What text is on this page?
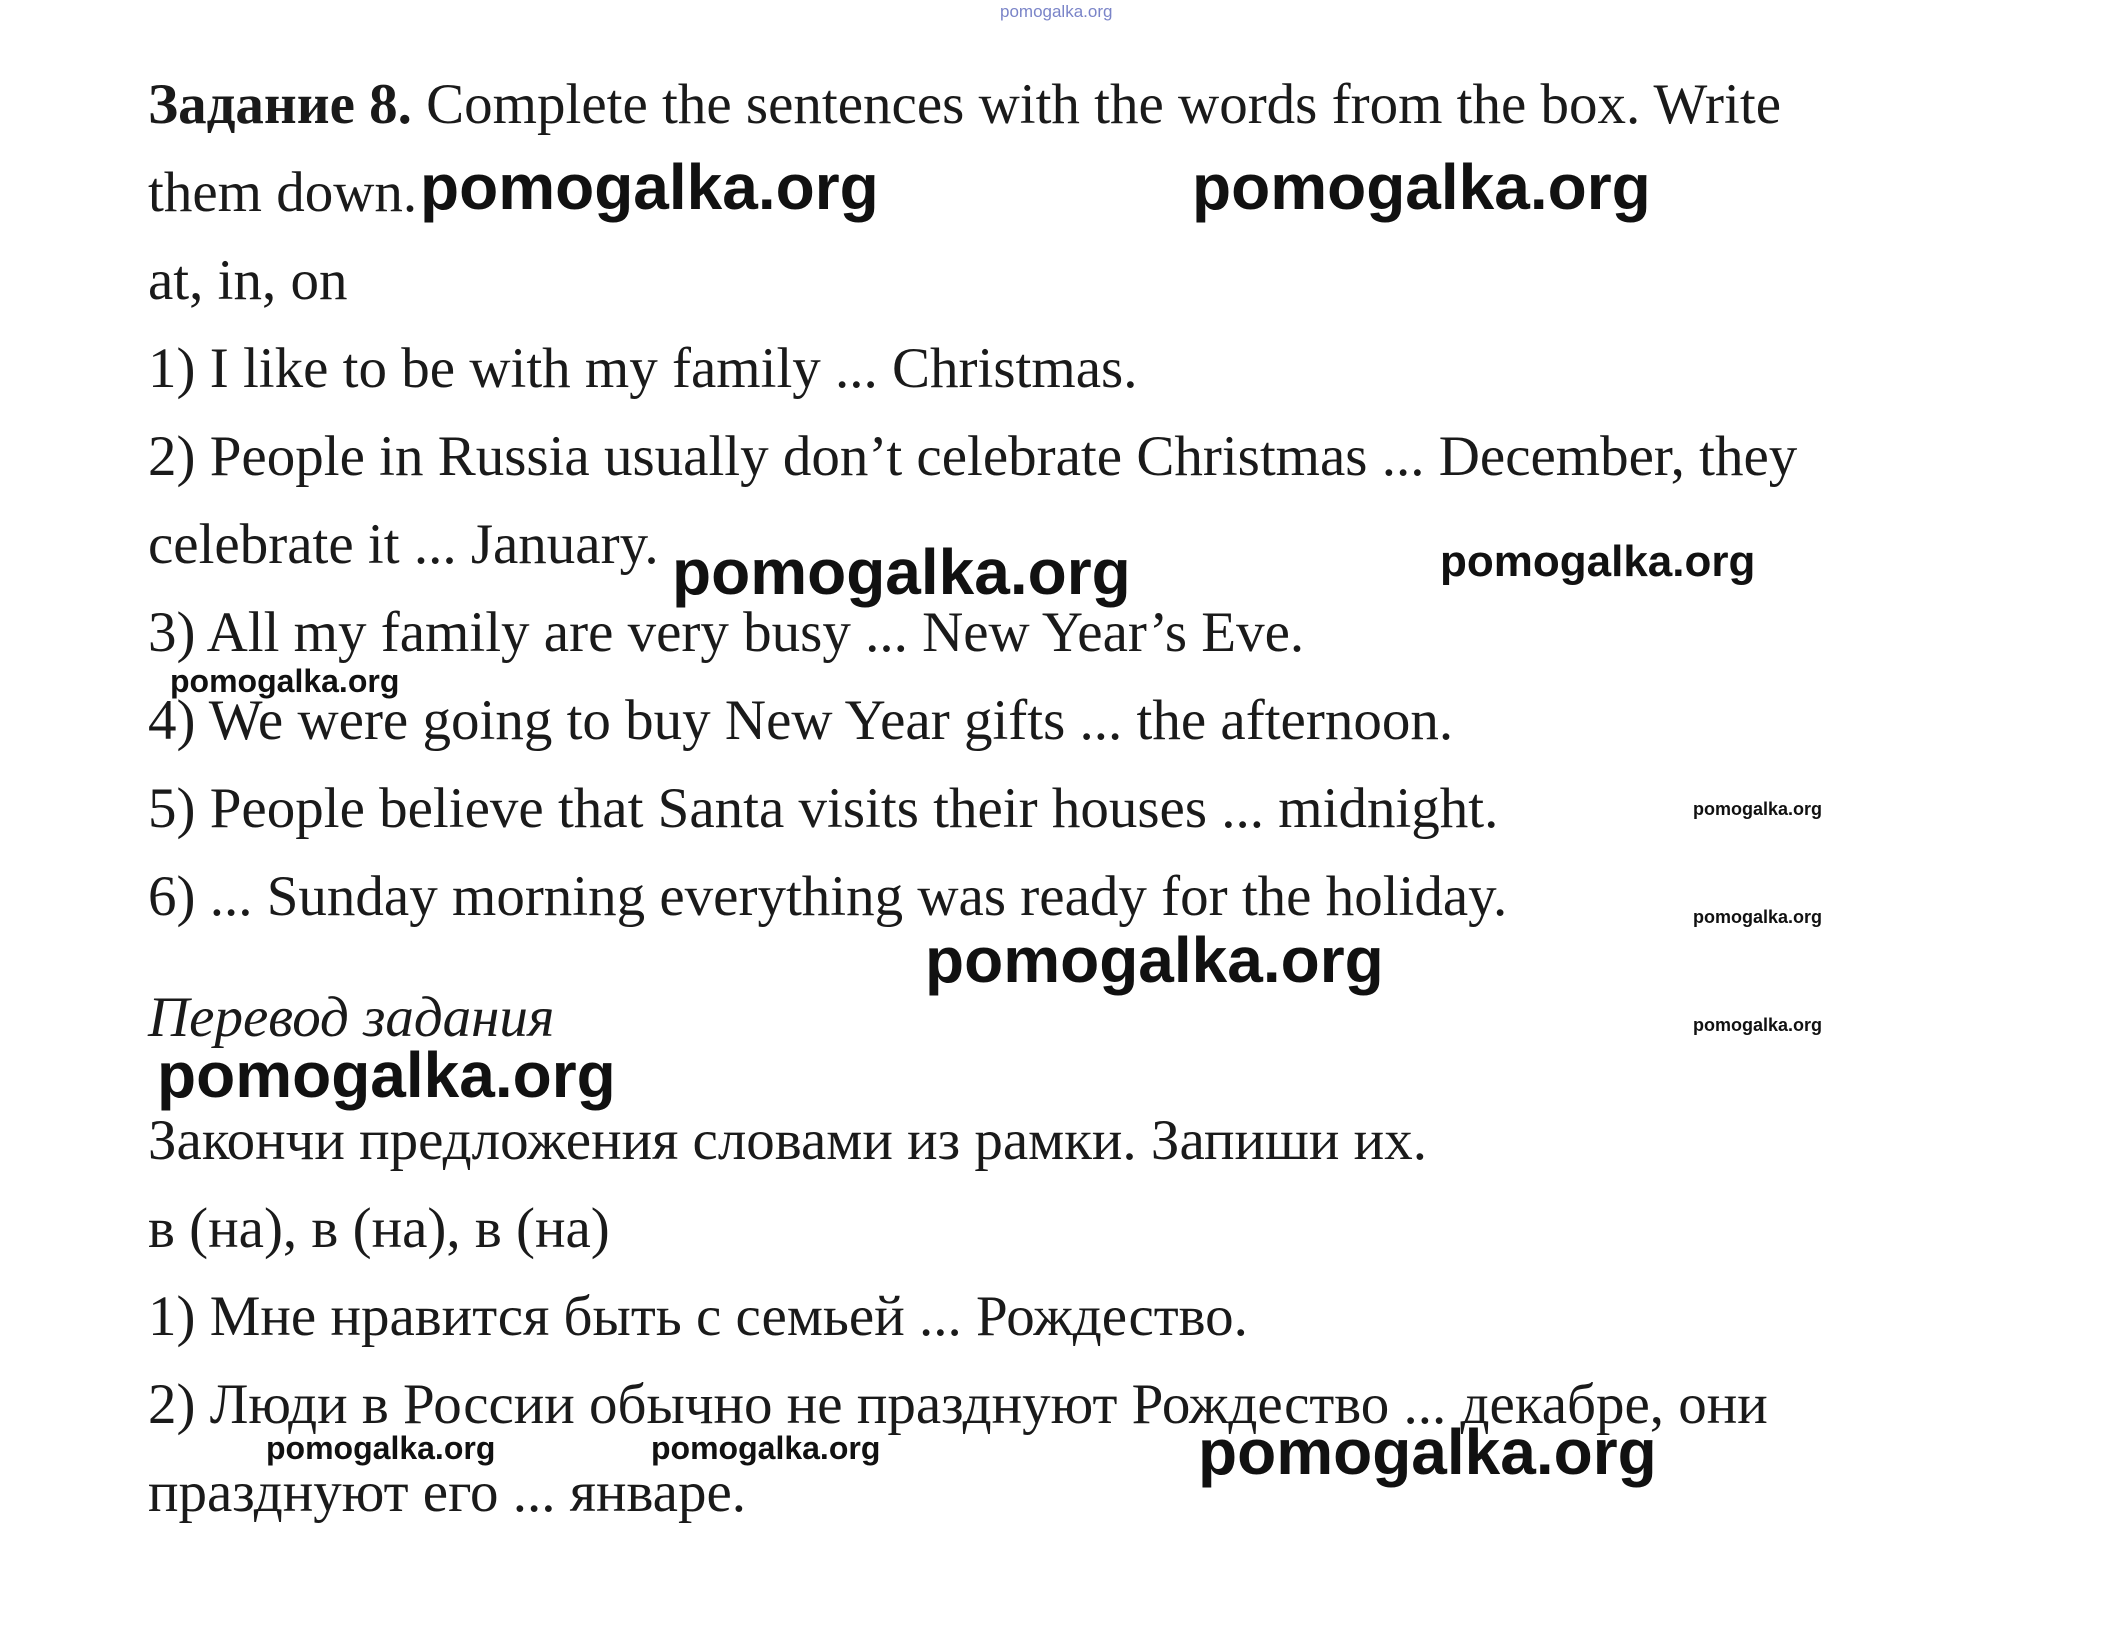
pomogalka.org
Задание 8. Complete the sentences with the words from the box. Write
them down.
at, in, on
1) I like to be with my family ... Christmas.
2) People in Russia usually don’t celebrate Christmas ... December, they
celebrate it ... January.
3) All my family are very busy ... New Year’s Eve.
4) We were going to buy New Year gifts ... the afternoon.
5) People believe that Santa visits their houses ... midnight.
6) ... Sunday morning everything was ready for the holiday.
Перевод задания
Закончи предложения словами из рамки. Запиши их.
в (на), в (на), в (на)
1) Мне нравится быть с семьей ... Рождество.
2) Люди в России обычно не празднуют Рождество ... декабре, они
празднуют его ... январе.
pomogalka.org	pomogalka.org
pomogalka.org	pomogalka.org
pomogalka.org
pomogalka.org
pomogalka.org
pomogalka.org
pomogalka.org
pomogalka.org
pomogalka.org	pomogalka.org	pomogalka.org
